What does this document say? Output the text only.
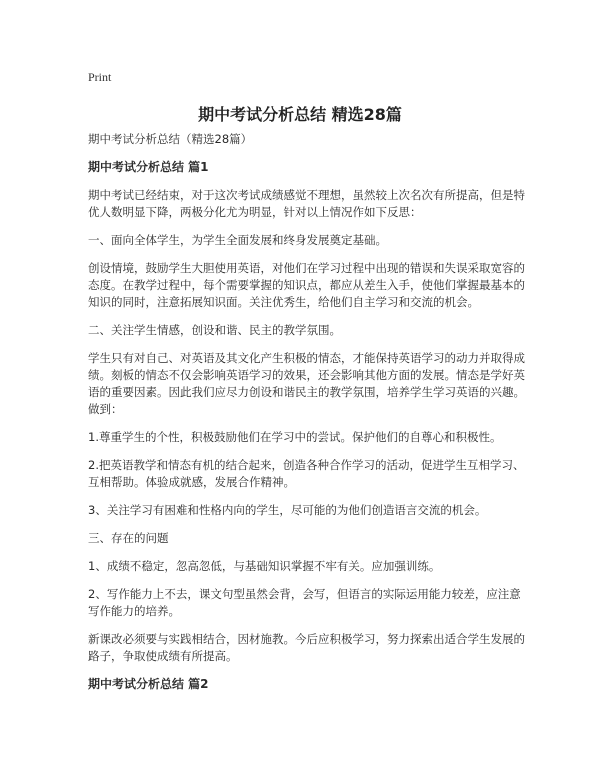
Print
期中考试分析总结 精选28篇

期中考试分析总结（精选28篇）

期中考试分析总结 篇1

期中考试已经结束，对于这次考试成绩感觉不理想，虽然较上次名次有所提高，但是特优人数明显下降，两极分化尤为明显，针对以上情况作如下反思：

一、面向全体学生，为学生全面发展和终身发展奠定基础。

创设情境，鼓励学生大胆使用英语，对他们在学习过程中出现的错误和失误采取宽容的态度。在教学过程中，每个需要掌握的知识点，都应从差生入手，使他们掌握最基本的知识的同时，注意拓展知识面。关注优秀生，给他们自主学习和交流的机会。

二、关注学生情感，创设和谐、民主的教学氛围。

学生只有对自己、对英语及其文化产生积极的情态，才能保持英语学习的动力并取得成绩。刻板的情态不仅会影响英语学习的效果，还会影响其他方面的发展。情态是学好英语的重要因素。因此我们应尽力创设和谐民主的教学氛围，培养学生学习英语的兴趣。做到：

1.尊重学生的个性，积极鼓励他们在学习中的尝试。保护他们的自尊心和积极性。

2.把英语教学和情态有机的结合起来，创造各种合作学习的活动，促进学生互相学习、互相帮助。体验成就感，发展合作精神。

3、关注学习有困难和性格内向的学生，尽可能的为他们创造语言交流的机会。

三、存在的问题

1、成绩不稳定，忽高忽低，与基础知识掌握不牢有关。应加强训练。

2、写作能力上不去，课文句型虽然会背，会写，但语言的实际运用能力较差，应注意写作能力的培养。

新课改必须要与实践相结合，因材施教。今后应积极学习，努力探索出适合学生发展的路子，争取使成绩有所提高。

期中考试分析总结 篇2
